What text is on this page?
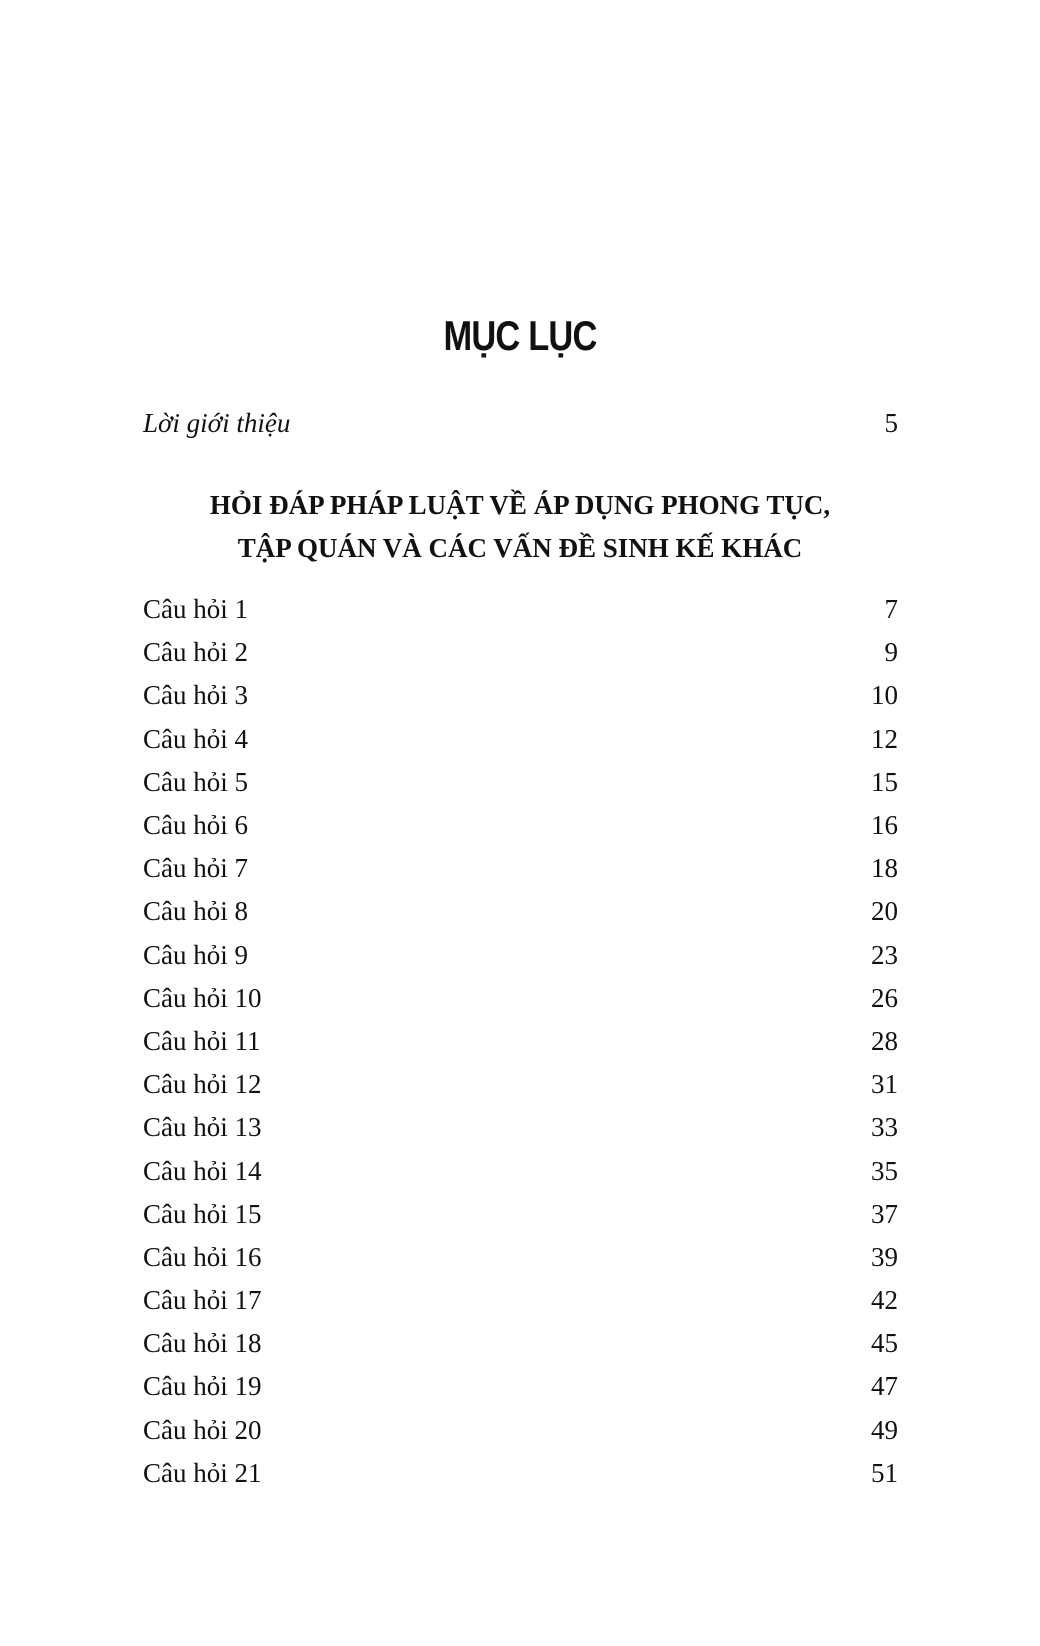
MỤC LỤC
Lời giới thiệu	5
HỎI ĐÁP PHÁP LUẬT VỀ ÁP DỤNG PHONG TỤC,
TẬP QUÁN VÀ CÁC VẤN ĐỀ SINH KẾ KHÁC
Câu hỏi 1	7
Câu hỏi 2	9
Câu hỏi 3	10
Câu hỏi 4	12
Câu hỏi 5	15
Câu hỏi 6	16
Câu hỏi 7	18
Câu hỏi 8	20
Câu hỏi 9	23
Câu hỏi 10	26
Câu hỏi 11	28
Câu hỏi 12	31
Câu hỏi 13	33
Câu hỏi 14	35
Câu hỏi 15	37
Câu hỏi 16	39
Câu hỏi 17	42
Câu hỏi 18	45
Câu hỏi 19	47
Câu hỏi 20	49
Câu hỏi 21	51
